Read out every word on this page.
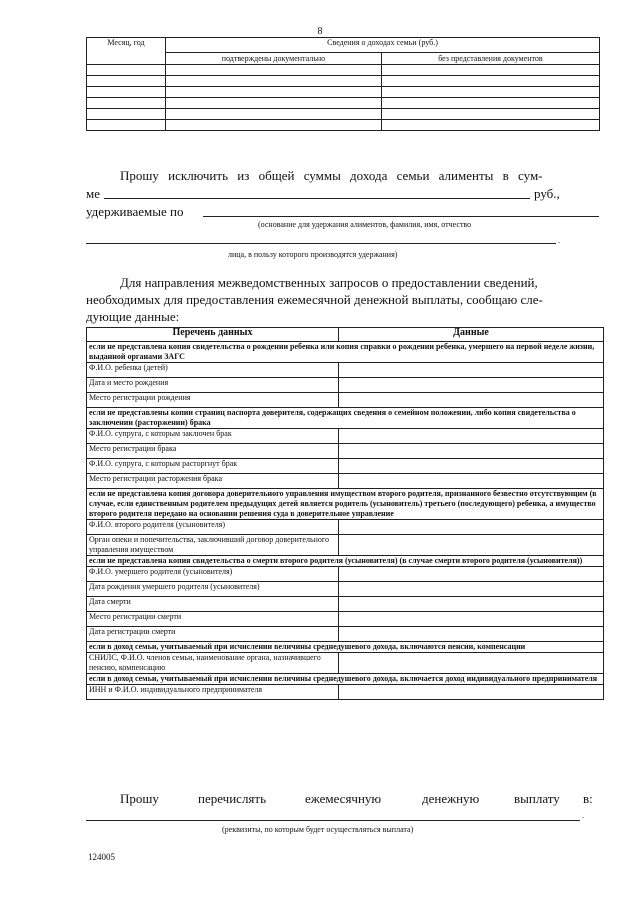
8
Месяц, год	Сведения о доходах семьи (руб.)	
	подтверждены документально	без представления документов

Прошу исключить из общей суммы дохода семьи алименты в сум-
ме	руб.,
удерживаемые по
(основание для удержания алиментов, фамилия, имя, отчество
.
лица, в пользу которого производятся удержания)
Для направления межведомственных запросов о предоставлении сведений,
необходимых для предоставления ежемесячной денежной выплаты, сообщаю сле-
дующие данные:
Перечень данных	Данные
если не представлена копия свидетельства о рождении ребенка или копия справки о рождении ребенка, умершего на первой неделе жизни, выданной органами ЗАГС	
Ф.И.О. ребенка (детей)	
Дата и место рождения	
Место регистрации рождения	
если не представлены копии страниц паспорта доверителя, содержащих сведения о семейном положении, либо копия свидетельства о заключении (расторжении) брака	
Ф.И.О. супруга, с которым заключен брак	
Место регистрации брака	
Ф.И.О. супруга, с которым расторгнут брак	
Место регистрации расторжения брака	
если не представлена копия договора доверительного управления имуществом второго родителя, признанного безвестно отсутствующим (в случае, если единственным родителем предыдущих детей является родитель (усыновитель) третьего (последующего) ребенка, а имущество второго родителя передано на основании решения суда в доверительное управление	
Ф.И.О. второго родителя (усыновителя)	
Орган опеки и попечительства, заключивший договор доверительного управления имуществом	
если не представлена копия свидетельства о смерти второго родителя (усыновителя) (в случае смерти второго родителя (усыновителя))	
Ф.И.О. умершего родителя (усыновителя)	
Дата рождения умершего родителя (усыновителя)	
Дата смерти	
Место регистрации смерти	
Дата регистрации смерти	
если в доход семьи, учитываемый при исчислении величины среднедушевого дохода, включаются пенсии, компенсации	
СНИЛС, Ф.И.О. членов семьи, наименование органа, назначившего пенсию, компенсацию	
если в доход семьи, учитываемый при исчислении величины среднедушевого дохода, включается доход индивидуального предпринимателя	
ИНН и Ф.И.О. индивидуального предпринимателя	
Прошу	перечислять	ежемесячную	денежную	выплату в:
.
(реквизиты, по которым будет осуществляться выплата)
124005
